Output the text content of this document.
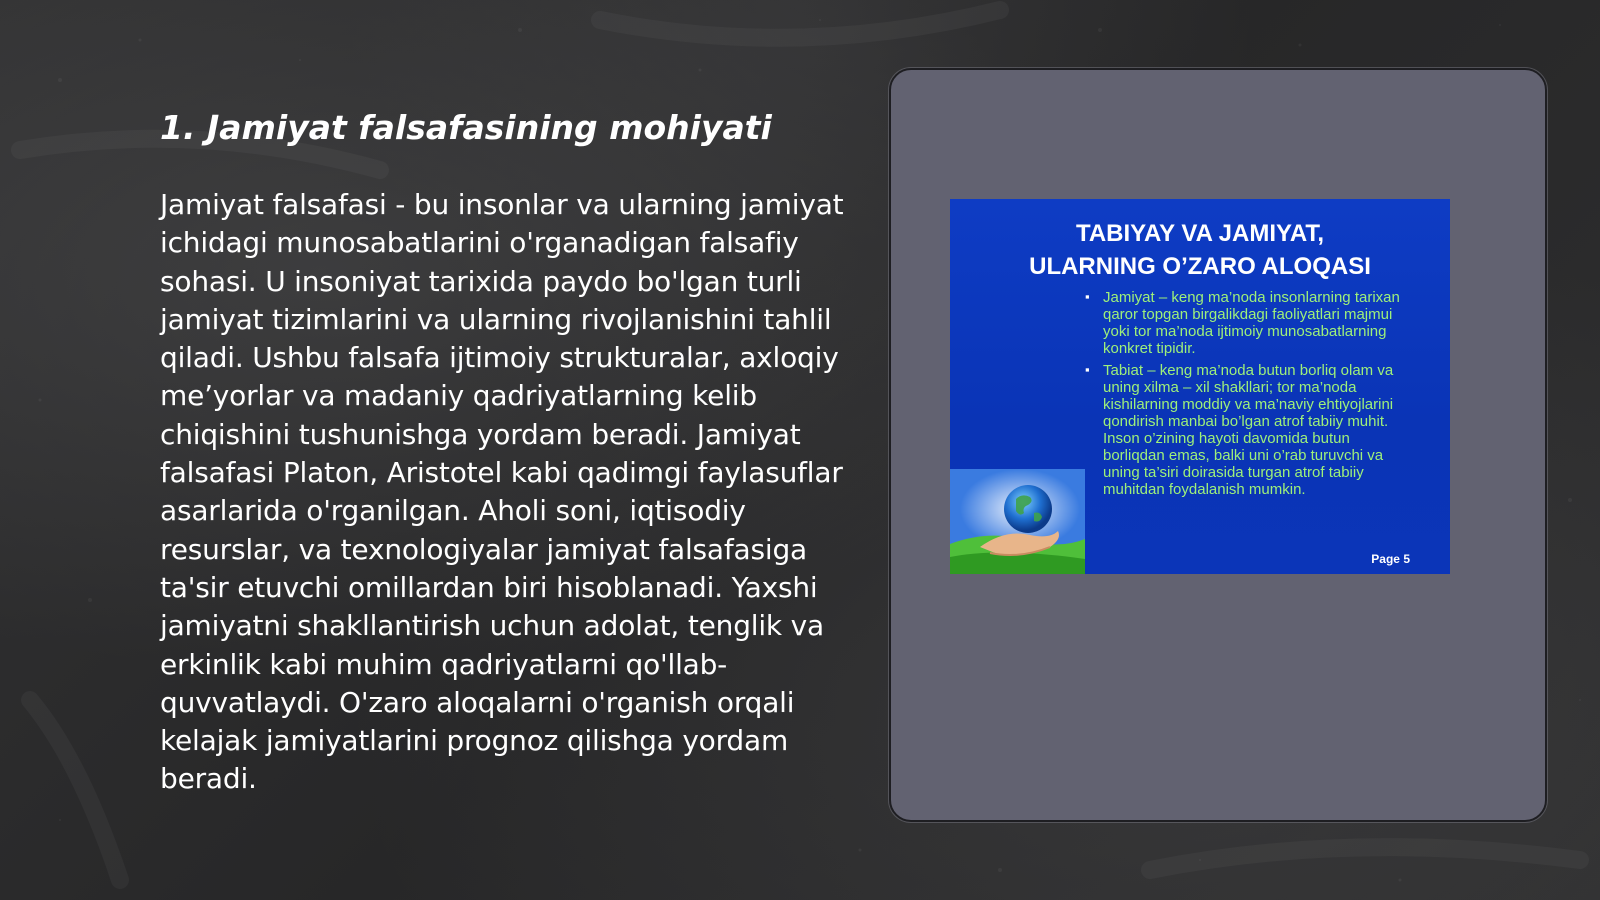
1. Jamiyat falsafasining mohiyati

Jamiyat falsafasi - bu insonlar va ularning jamiyat ichidagi munosabatlarini o'rganadigan falsafiy sohasi. U insoniyat tarixida paydo bo'lgan turli jamiyat tizimlarini va ularning rivojlanishini tahlil qiladi. Ushbu falsafa ijtimoiy strukturalar, axloqiy me’yorlar va madaniy qadriyatlarning kelib chiqishini tushunishga yordam beradi. Jamiyat falsafasi Platon, Aristotel kabi qadimgi faylasuflar asarlarida o'rganilgan. Aholi soni, iqtisodiy resurslar, va texnologiyalar jamiyat falsafasiga ta'sir etuvchi omillardan biri hisoblanadi. Yaxshi jamiyatni shakllantirish uchun adolat, tenglik va erkinlik kabi muhim qadriyatlarni qo'llab-quvvatlaydi. O'zaro aloqalarni o'rganish orqali kelajak jamiyatlarini prognoz qilishga yordam beradi.

TABIYAY VA JAMIYAT,
ULARNING O’ZARO ALOQASI
▪ Jamiyat – keng ma’noda insonlarning tarixan qaror topgan birgalikdagi faoliyatlari majmui yoki tor ma’noda ijtimoiy munosabatlarning konkret tipidir.
▪ Tabiat – keng ma’noda butun borliq olam va uning xilma – xil shakllari; tor ma’noda kishilarning moddiy va ma’naviy ehtiyojlarini qondirish manbai bo’lgan atrof tabiiy muhit. Inson o’zining hayoti davomida butun borliqdan emas, balki uni o’rab turuvchi va uning ta’siri doirasida turgan atrof tabiiy muhitdan foydalanish mumkin.

Page 5
